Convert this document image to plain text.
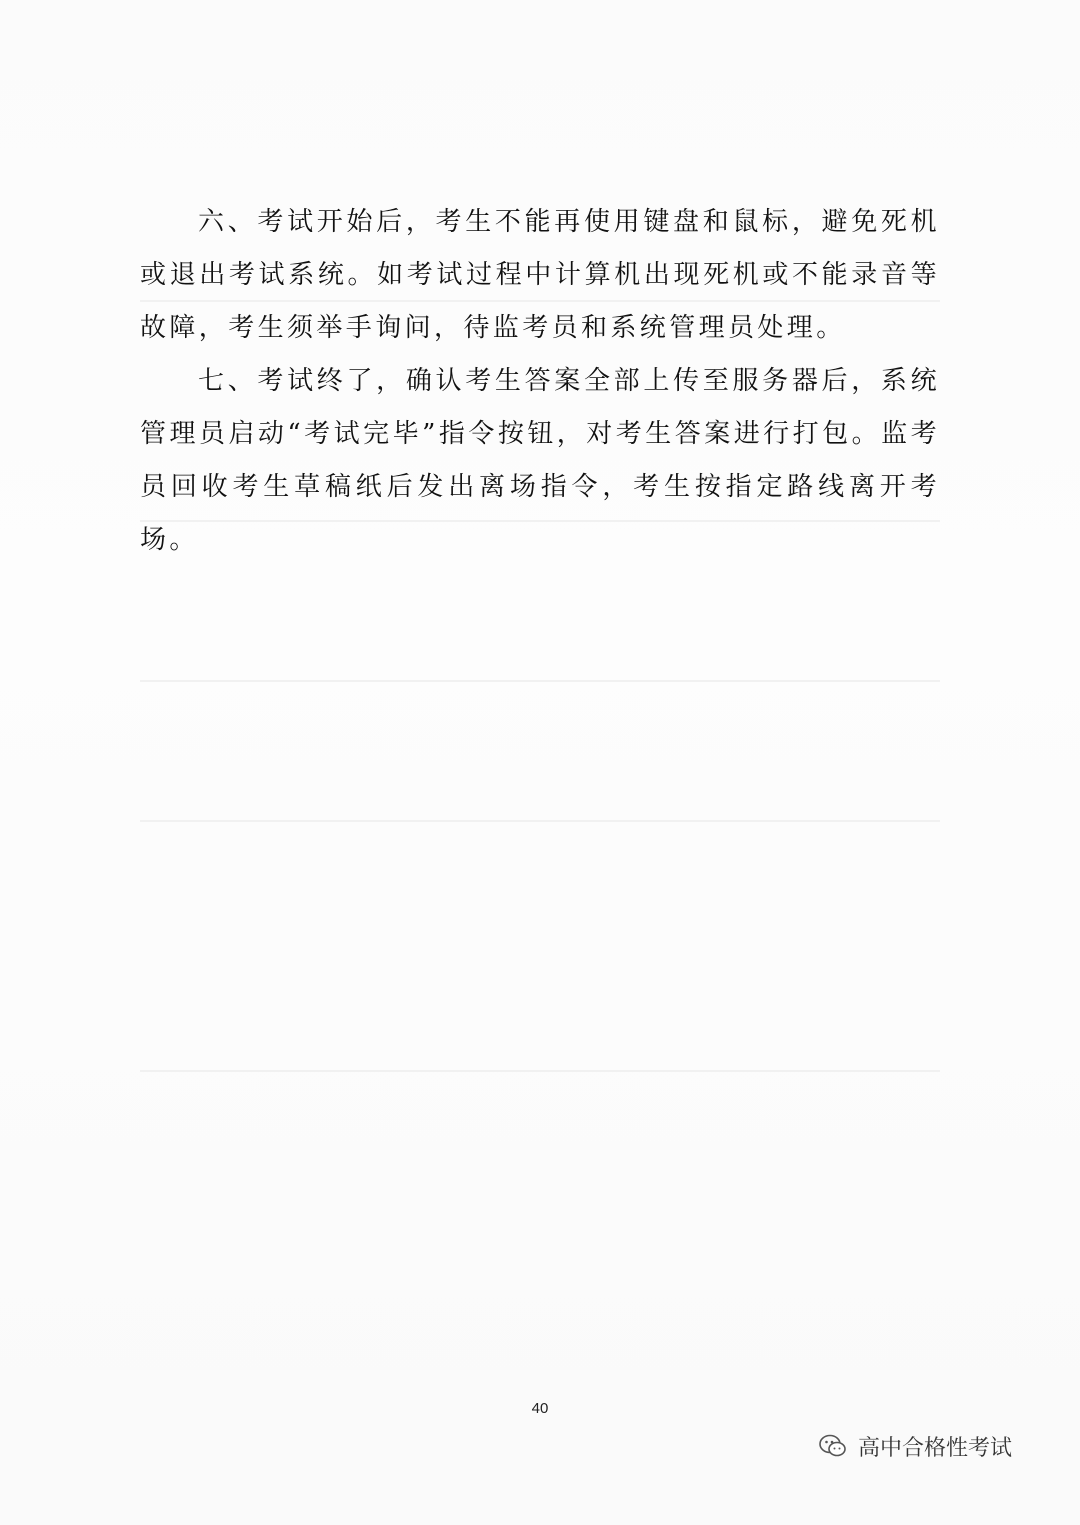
六、考试开始后，考生不能再使用键盘和鼠标，避免死机或退出考试系统。如考试过程中计算机出现死机或不能录音等故障，考生须举手询问，待监考员和系统管理员处理。

七、考试终了，确认考生答案全部上传至服务器后，系统管理员启动“考试完毕”指令按钮，对考生答案进行打包。监考员回收考生草稿纸后发出离场指令，考生按指定路线离开考场。

40
高中合格性考试
